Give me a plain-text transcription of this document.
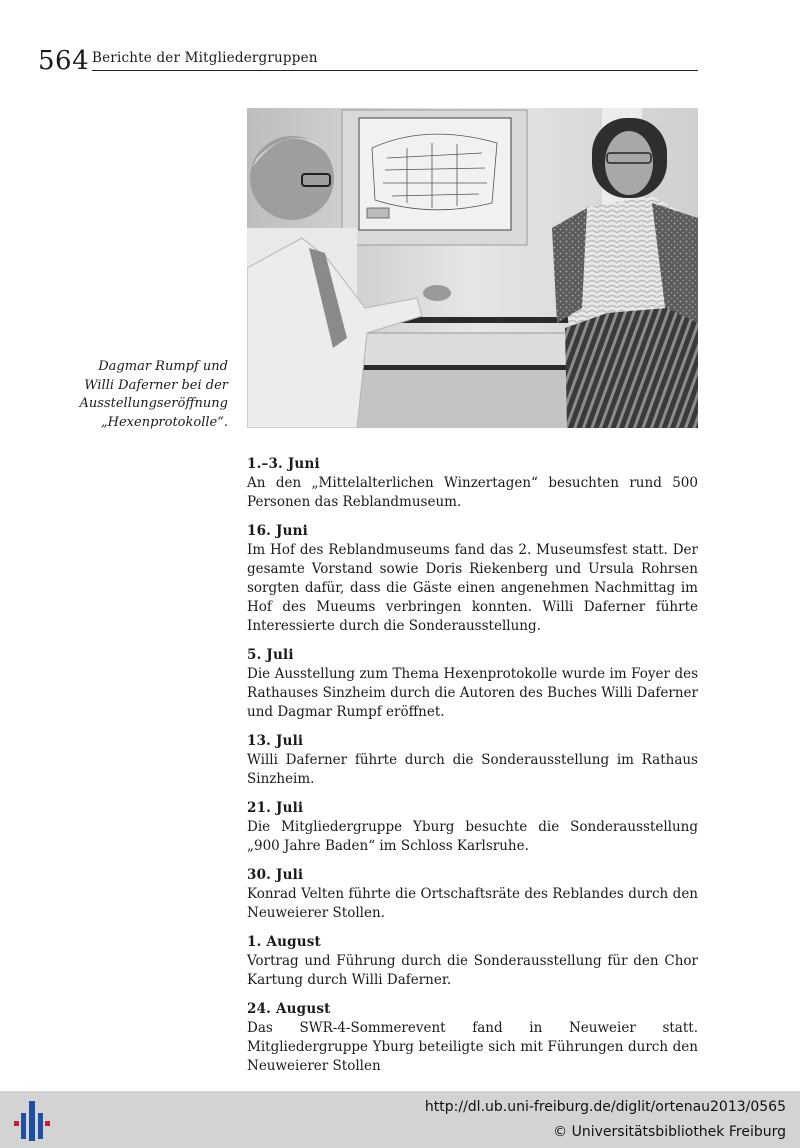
564 Berichte der Mitgliedergruppen
Dagmar Rumpf und Willi Daferner bei der Ausstellungseröffnung „Hexenprotokolle“.
1.–3. Juni
An den „Mittelalterlichen Winzertagen“ besuchten rund 500 Personen das Reblandmuseum.
16. Juni
Im Hof des Reblandmuseums fand das 2. Museumsfest statt. Der gesamte Vorstand sowie Doris Riekenberg und Ursula Rohrsen sorgten dafür, dass die Gäste einen angenehmen Nachmittag im Hof des Mueums verbringen konnten. Willi Daferner führte Interessierte durch die Sonderausstellung.
5. Juli
Die Ausstellung zum Thema Hexenprotokolle wurde im Foyer des Rathauses Sinzheim durch die Autoren des Buches Willi Daferner und Dagmar Rumpf eröffnet.
13. Juli
Willi Daferner führte durch die Sonderausstellung im Rathaus Sinzheim.
21. Juli
Die Mitgliedergruppe Yburg besuchte die Sonderausstellung „900 Jahre Baden“ im Schloss Karlsruhe.
30. Juli
Konrad Velten führte die Ortschaftsräte des Reblandes durch den Neuweierer Stollen.
1. August
Vortrag und Führung durch die Sonderausstellung für den Chor Kartung durch Willi Daferner.
24. August
Das SWR-4-Sommerevent fand in Neuweier statt. Mitgliedergruppe Yburg beteiligte sich mit Führungen durch den Neuweierer Stollen
http://dl.ub.uni-freiburg.de/diglit/ortenau2013/0565
© Universitätsbibliothek Freiburg
